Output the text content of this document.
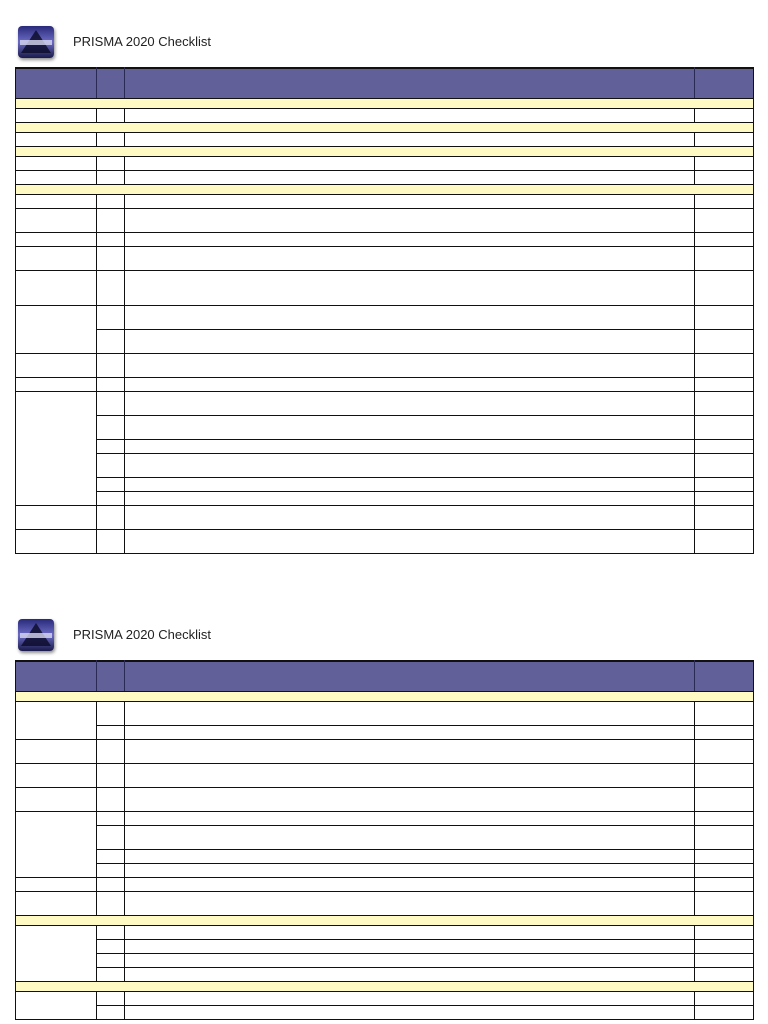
PRISMA 2020 Checklist
PRISMA 2020 Checklist
